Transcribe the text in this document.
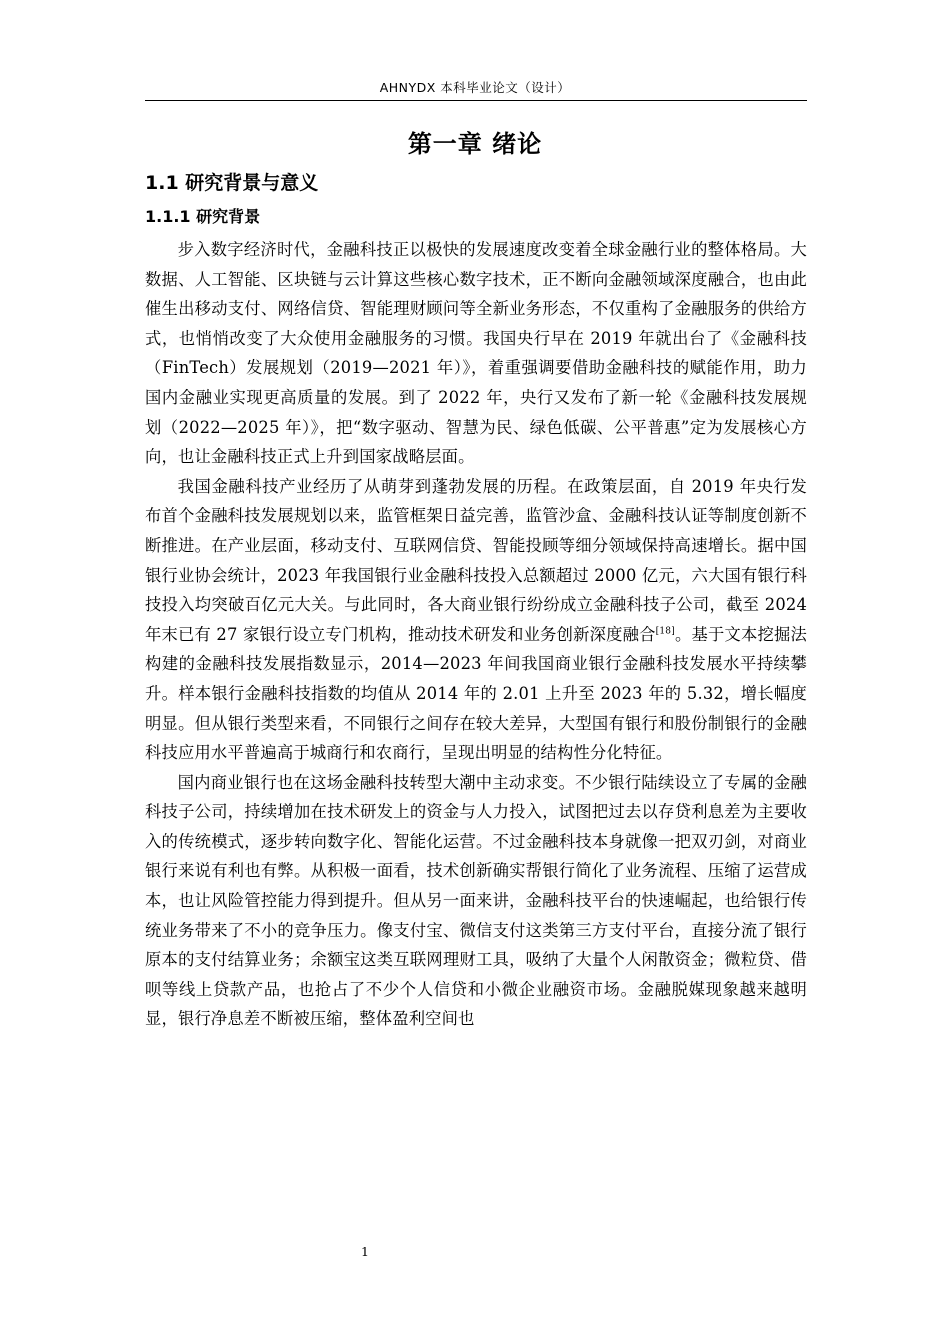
AHNYDX 本科毕业论文（设计）
第一章 绪论
1.1 研究背景与意义
1.1.1 研究背景

步入数字经济时代，金融科技正以极快的发展速度改变着全球金融行业的整体格局。大数据、人工智能、区块链与云计算这些核心数字技术，正不断向金融领域深度融合，也由此催生出移动支付、网络信贷、智能理财顾问等全新业务形态，不仅重构了金融服务的供给方式，也悄悄改变了大众使用金融服务的习惯。我国央行早在 2019 年就出台了《金融科技（FinTech）发展规划（2019—2021 年）》，着重强调要借助金融科技的赋能作用，助力国内金融业实现更高质量的发展。到了 2022 年，央行又发布了新一轮《金融科技发展规划（2022—2025 年）》，把“数字驱动、智慧为民、绿色低碳、公平普惠”定为发展核心方向，也让金融科技正式上升到国家战略层面。

我国金融科技产业经历了从萌芽到蓬勃发展的历程。在政策层面，自 2019 年央行发布首个金融科技发展规划以来，监管框架日益完善，监管沙盒、金融科技认证等制度创新不断推进。在产业层面，移动支付、互联网信贷、智能投顾等细分领域保持高速增长。据中国银行业协会统计，2023 年我国银行业金融科技投入总额超过 2000 亿元，六大国有银行科技投入均突破百亿元大关。与此同时，各大商业银行纷纷成立金融科技子公司，截至 2024 年末已有 27 家银行设立专门机构，推动技术研发和业务创新深度融合[18]。基于文本挖掘法构建的金融科技发展指数显示，2014—2023 年间我国商业银行金融科技发展水平持续攀升。样本银行金融科技指数的均值从 2014 年的 2.01 上升至 2023 年的 5.32，增长幅度明显。但从银行类型来看，不同银行之间存在较大差异，大型国有银行和股份制银行的金融科技应用水平普遍高于城商行和农商行，呈现出明显的结构性分化特征。

国内商业银行也在这场金融科技转型大潮中主动求变。不少银行陆续设立了专属的金融科技子公司，持续增加在技术研发上的资金与人力投入，试图把过去以存贷利息差为主要收入的传统模式，逐步转向数字化、智能化运营。不过金融科技本身就像一把双刃剑，对商业银行来说有利也有弊。从积极一面看，技术创新确实帮银行简化了业务流程、压缩了运营成本，也让风险管控能力得到提升。但从另一面来讲，金融科技平台的快速崛起，也给银行传统业务带来了不小的竞争压力。像支付宝、微信支付这类第三方支付平台，直接分流了银行原本的支付结算业务；余额宝这类互联网理财工具，吸纳了大量个人闲散资金；微粒贷、借呗等线上贷款产品，也抢占了不少个人信贷和小微企业融资市场。金融脱媒现象越来越明显，银行净息差不断被压缩，整体盈利空间也

1
